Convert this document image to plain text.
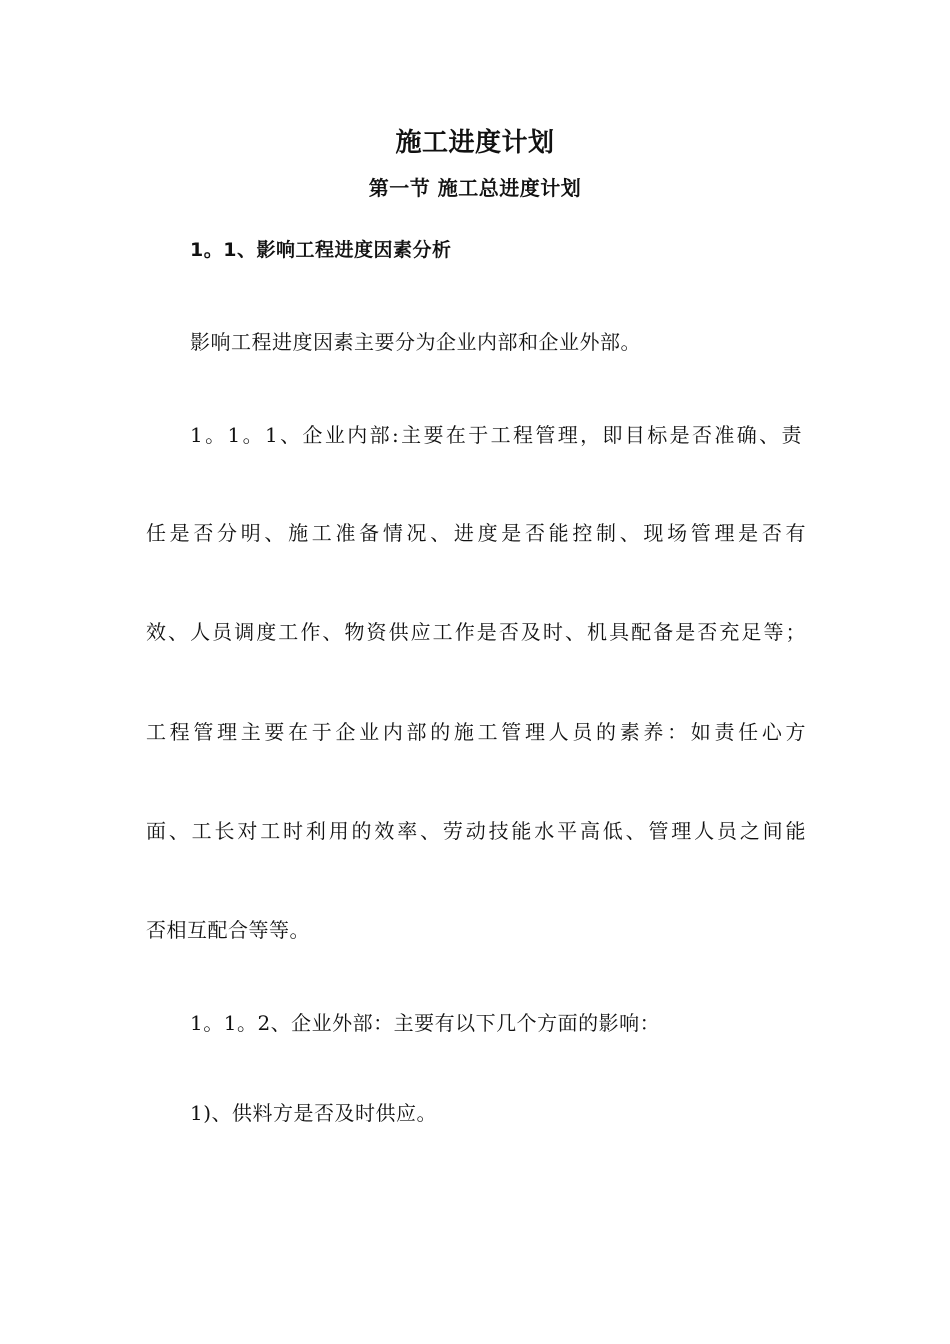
施工进度计划
第一节 施工总进度计划
1。1、影响工程进度因素分析
影响工程进度因素主要分为企业内部和企业外部。
1。1。1、企业内部:主要在于工程管理，即目标是否准确、责
任是否分明、施工准备情况、进度是否能控制、现场管理是否有
效、人员调度工作、物资供应工作是否及时、机具配备是否充足等；
工程管理主要在于企业内部的施工管理人员的素养：如责任心方
面、工长对工时利用的效率、劳动技能水平高低、管理人员之间能
否相互配合等等。
1。1。2、企业外部：主要有以下几个方面的影响：
1)、供料方是否及时供应。
